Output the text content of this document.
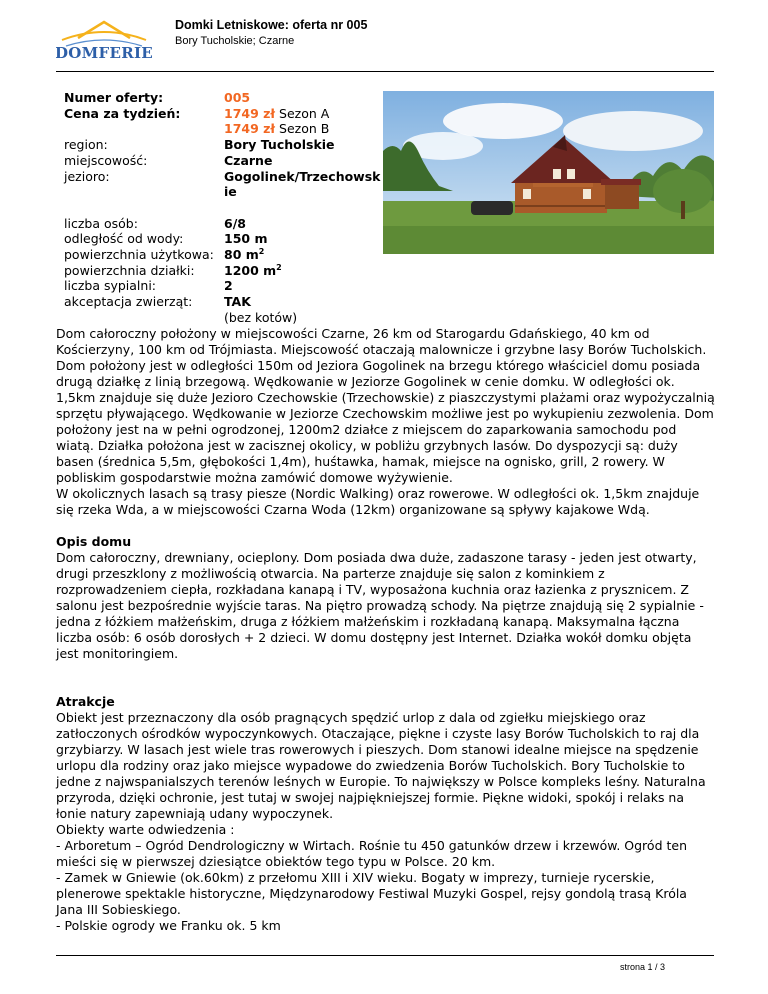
DOMFERIE
Domki Letniskowe: oferta nr 005
Bory Tucholskie; Czarne
Numer oferty:	005
Cena za tydzień:	1749 zł Sezon A
1749 zł Sezon B
region:	Bory Tucholskie
miejscowość:	Czarne
jezioro:	Gogolinek/Trzechowskie
liczba osób:	6/8
odległość od wody:	150 m
powierzchnia użytkowa: 80 $m^2$
powierzchnia działki:	1200 $m^2$
liczba sypialni:	2
akceptacja zwierząt:	TAK
(bez kotów)

Dom całoroczny położony w miejscowości Czarne, 26 km od Starogardu Gdańskiego, 40 km od Kościerzyny, 100 km od Trójmiasta. Miejscowość otaczają malownicze i grzybne lasy Borów Tucholskich. Dom położony jest w odległości 150m od Jeziora Gogolinek na brzegu którego właściciel domu posiada drugą działkę z linią brzegową. Wędkowanie w Jeziorze Gogolinek w cenie domku. W odległości ok. 1,5km znajduje się duże Jezioro Czechowskie (Trzechowskie) z piaszczystymi plażami oraz wypożyczalnią sprzętu pływającego. Wędkowanie w Jeziorze Czechowskim możliwe jest po wykupieniu zezwolenia. Dom położony jest na w pełni ogrodzonej, 1200m2 działce z miejscem do zaparkowania samochodu pod wiatą. Działka położona jest w zacisznej okolicy, w pobliżu grzybnych lasów. Do dyspozycji są: duży basen (średnica 5,5m, głębokości 1,4m), huśtawka, hamak, miejsce na ognisko, grill, 2 rowery. W pobliskim gospodarstwie można zamówić domowe wyżywienie.

W okolicznych lasach są trasy piesze (Nordic Walking) oraz rowerowe. W odległości ok. 1,5km znajduje się rzeka Wda, a w miejscowości Czarna Woda (12km) organizowane są spływy kajakowe Wdą.

Opis domu

Dom całoroczny, drewniany, ocieplony. Dom posiada dwa duże, zadaszone tarasy - jeden jest otwarty, drugi przeszklony z możliwością otwarcia. Na parterze znajduje się salon z kominkiem z rozprowadzeniem ciepła, rozkładana kanapą i TV, wyposażona kuchnia oraz łazienka z prysznicem. Z salonu jest bezpośrednie wyjście taras. Na piętro prowadzą schody. Na piętrze znajdują się 2 sypialnie - jedna z łóżkiem małżeńskim, druga z łóżkiem małżeńskim i rozkładaną kanapą. Maksymalna łączna liczba osób: 6 osób dorosłych + 2 dzieci. W domu dostępny jest Internet. Działka wokół domku objęta jest monitoringiem.

Atrakcje

Obiekt jest przeznaczony dla osób pragnących spędzić urlop z dala od zgiełku miejskiego oraz zatłoczonych ośrodków wypoczynkowych. Otaczające, piękne i czyste lasy Borów Tucholskich to raj dla grzybiarzy. W lasach jest wiele tras rowerowych i pieszych. Dom stanowi idealne miejsce na spędzenie urlopu dla rodziny oraz jako miejsce wypadowe do zwiedzenia Borów Tucholskich. Bory Tucholskie to jedne z najwspanialszych terenów leśnych w Europie. To największy w Polsce kompleks leśny. Naturalna przyroda, dzięki ochronie, jest tutaj w swojej najpiękniejszej formie. Piękne widoki, spokój i relaks na łonie natury zapewniają udany wypoczynek.

Obiekty warte odwiedzenia :

- Arboretum – Ogród Dendrologiczny w Wirtach. Rośnie tu 450 gatunków drzew i krzewów. Ogród ten mieści się w pierwszej dziesiątce obiektów tego typu w Polsce. 20 km.

- Zamek w Gniewie (ok.60km) z przełomu XIII i XIV wieku. Bogaty w imprezy, turnieje rycerskie, plenerowe spektakle historyczne, Międzynarodowy Festiwal Muzyki Gospel, rejsy gondolą trasą Króla Jana III Sobieskiego.

- Polskie ogrody we Franku ok. 5 km

strona 1 / 3
